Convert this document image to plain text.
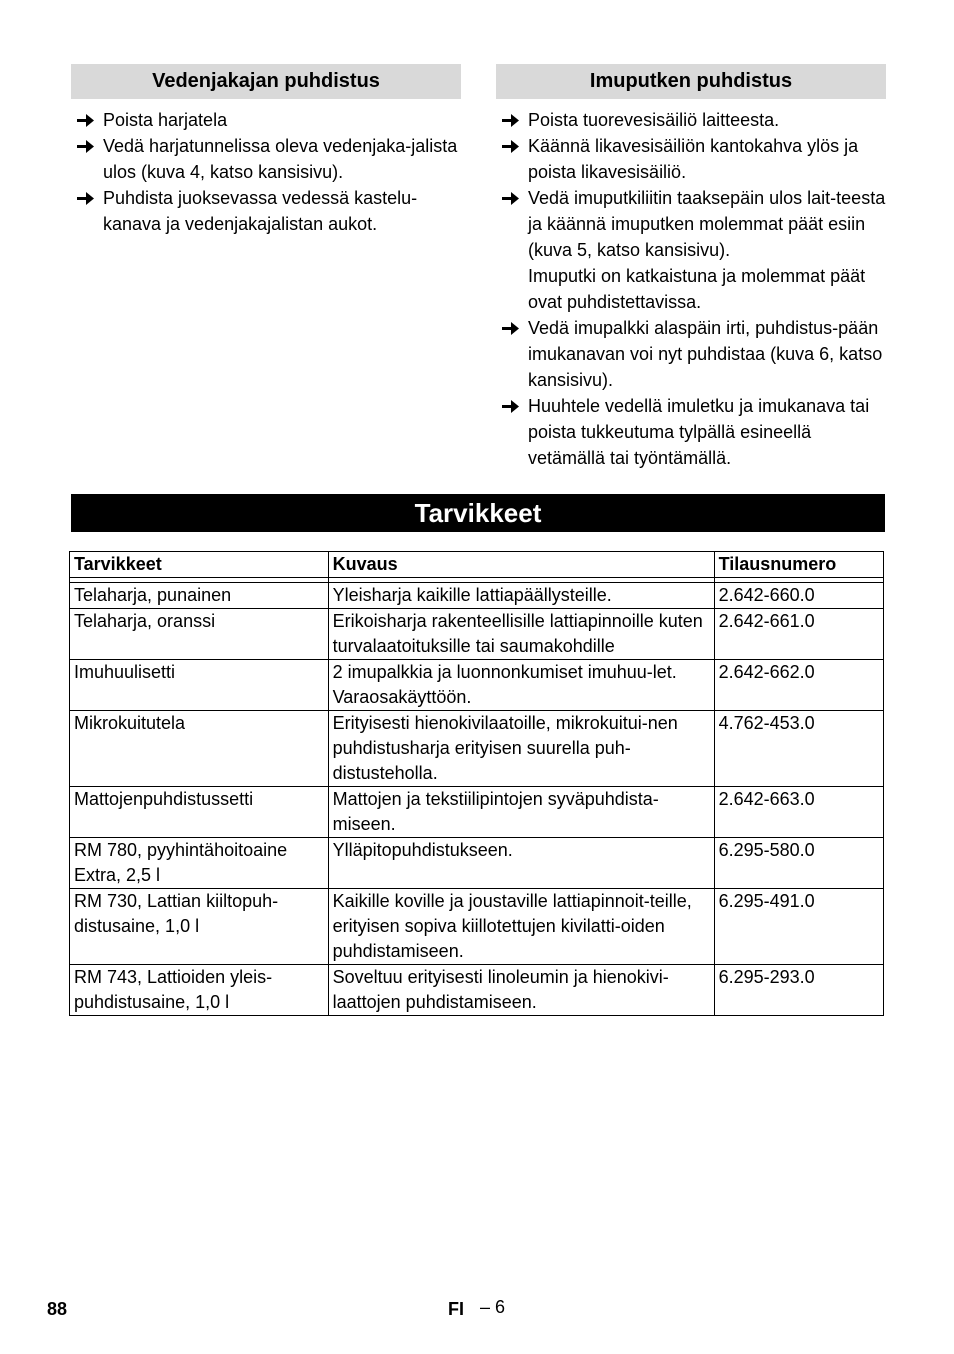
Vedenjakajan puhdistus
Poista harjatela
Vedä harjatunnelissa oleva vedenjaka-jalista ulos (kuva 4, katso kansisivu).
Puhdista juoksevassa vedessä kastelu-kanava ja vedenjakajalistan aukot.
Imuputken puhdistus
Poista tuorevesisäiliö laitteesta.
Käännä likavesisäiliön kantokahva ylös ja poista likavesisäiliö.
Vedä imuputkiliitin taaksepäin ulos lait-teesta ja käännä imuputken molemmat päät esiin (kuva 5, katso kansisivu).
Imuputki on katkaistuna ja molemmat päät ovat puhdistettavissa.
Vedä imupalkki alaspäin irti, puhdistus-pään imukanavan voi nyt puhdistaa (kuva 6, katso kansisivu).
Huuhtele vedellä imuletku ja imukanava tai poista tukkeutuma tylpällä esineellä vetämällä tai työntämällä.
Tarvikkeet
Tarvikkeet	Kuvaus	Tilausnumero

Telaharja, punainen	Yleisharja kaikille lattiapäällysteille.	2.642-660.0
Telaharja, oranssi	Erikoisharja rakenteellisille lattiapinnoille kuten turvalaatoituksille tai saumakohdille	2.642-661.0
Imuhuulisetti	2 imupalkkia ja luonnonkumiset imuhuu-let. Varaosakäyttöön.	2.642-662.0
Mikrokuitutela	Erityisesti hienokivilaatoille, mikrokuitui-nen puhdistusharja erityisen suurella puh-distusteholla.	4.762-453.0
Mattojenpuhdistussetti	Mattojen ja tekstiilipintojen syväpuhdista-miseen.	2.642-663.0
RM 780, pyyhintähoitoaine Extra, 2,5 l	Ylläpitopuhdistukseen.	6.295-580.0
RM 730, Lattian kiiltopuh-distusaine, 1,0 l	Kaikille koville ja joustaville lattiapinnoit-teille, erityisen sopiva kiillotettujen kivilatti-oiden puhdistamiseen.	6.295-491.0
RM 743, Lattioiden yleis-puhdistusaine, 1,0 l	Soveltuu erityisesti linoleumin ja hienokivi-laattojen puhdistamiseen.	6.295-293.0
88	FI – 6
